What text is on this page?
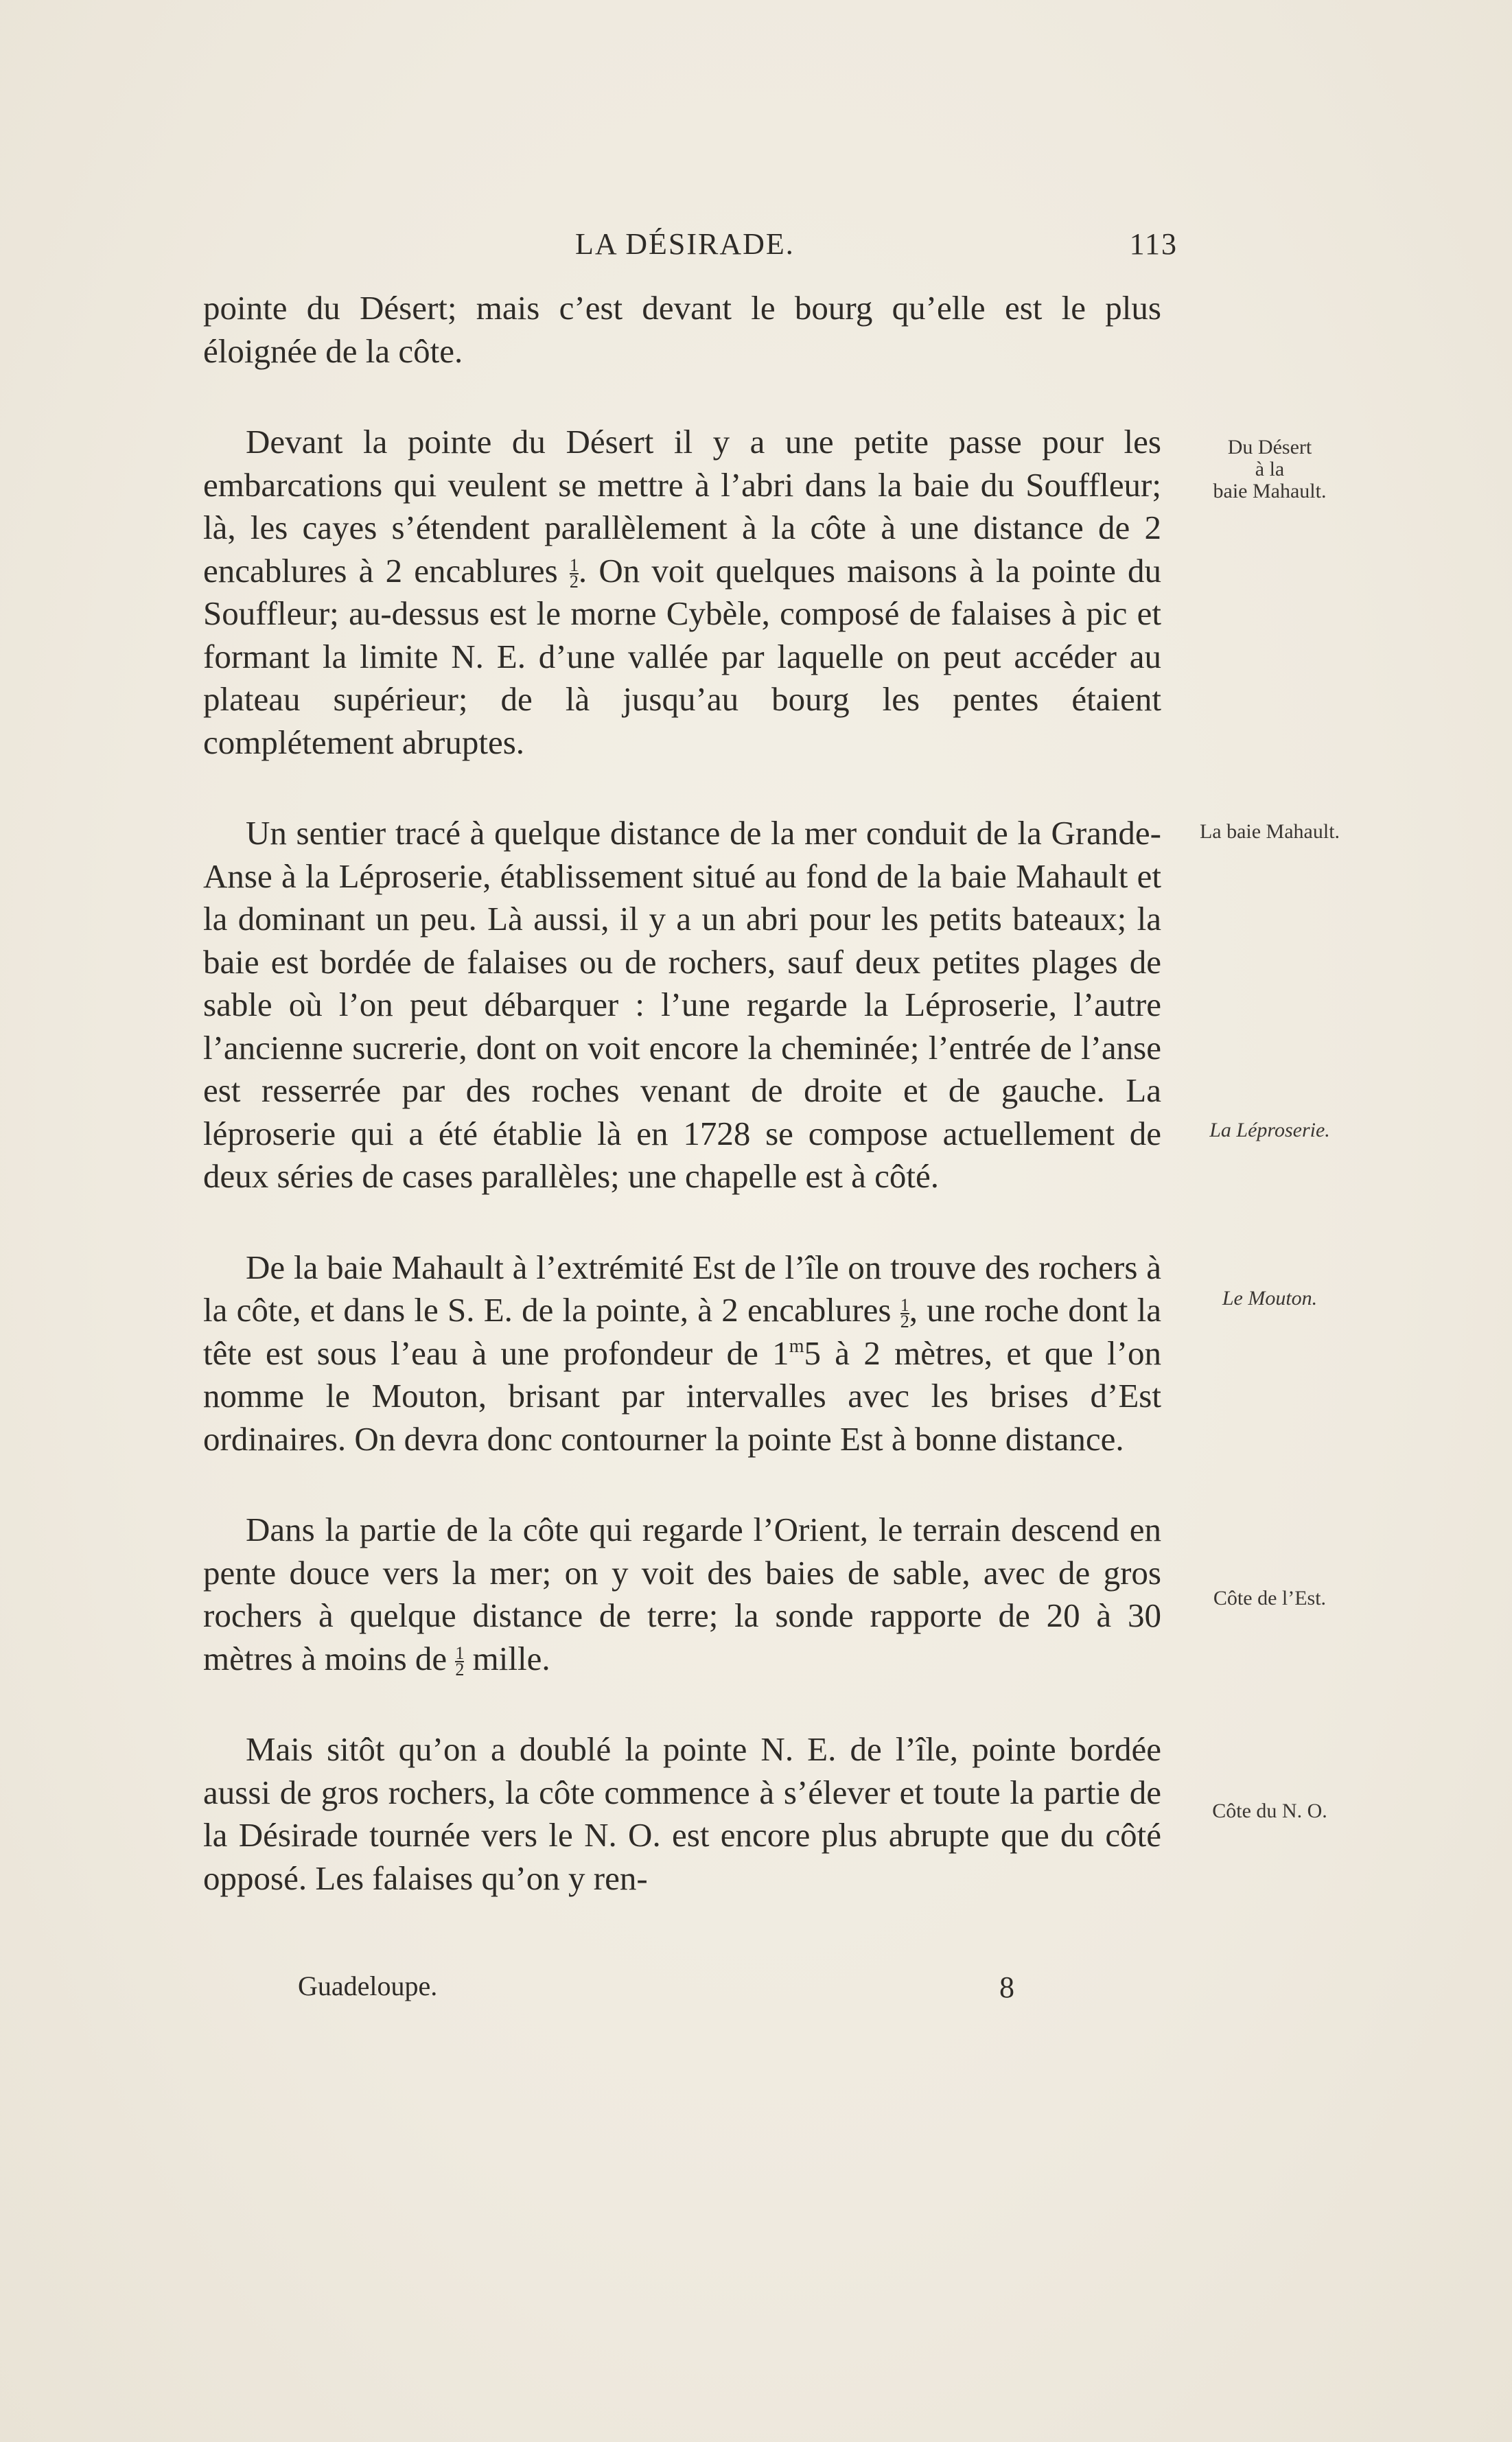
LA DÉSIRADE.	113

pointe du Désert; mais c’est devant le bourg qu’elle est le plus éloignée de la côte.

Devant la pointe du Désert il y a une petite passe pour les embarcations qui veulent se mettre à l’abri dans la baie du Souffleur; là, les cayes s’étendent parallèlement à la côte à une distance de 2 encablures à 2 encablures $\frac{1}{2}$ . On voit quelques maisons à la pointe du Souffleur; au-dessus est le morne Cybèle, composé de falaises à pic et formant la limite N. E. d’une vallée par laquelle on peut accéder au plateau supérieur; de là jusqu’au bourg les pentes étaient complétement abruptes.

Un sentier tracé à quelque distance de la mer conduit de la Grande-Anse à la Léproserie, établissement situé au fond de la baie Mahault et la dominant un peu. Là aussi, il y a un abri pour les petits bateaux; la baie est bordée de falaises ou de rochers, sauf deux petites plages de sable où l’on peut débarquer : l’une regarde la Léproserie, l’autre l’ancienne sucrerie, dont on voit encore la cheminée; l’entrée de l’anse est resserrée par des roches venant de droite et de gauche. La léproserie qui a été établie là en 1728 se compose actuellement de deux séries de cases parallèles; une chapelle est à côté.

De la baie Mahault à l’extrémité Est de l’île on trouve des rochers à la côte, et dans le S. E. de la pointe, à 2 encablures $\frac{1}{2}$ , une roche dont la tête est sous l’eau à une profondeur de 1$^m$5 à 2 mètres, et que l’on nomme le Mouton, brisant par intervalles avec les brises d’Est ordinaires. On devra donc contourner la pointe Est à bonne distance.

Dans la partie de la côte qui regarde l’Orient, le terrain descend en pente douce vers la mer; on y voit des baies de sable, avec de gros rochers à quelque distance de terre; la sonde rapporte de 20 à 30 mètres à moins de $\frac{1}{2}$ mille.

Mais sitôt qu’on a doublé la pointe N. E. de l’île, pointe bordée aussi de gros rochers, la côte commence à s’élever et toute la partie de la Désirade tournée vers le N. O. est encore plus abrupte que du côté opposé. Les falaises qu’on y ren-

Du Désert
à la
baie Mahault.
La baie Mahault.
La Léproserie.
Le Mouton.
Côte de l’Est.
Côte du N. O.
Guadeloupe.	8
